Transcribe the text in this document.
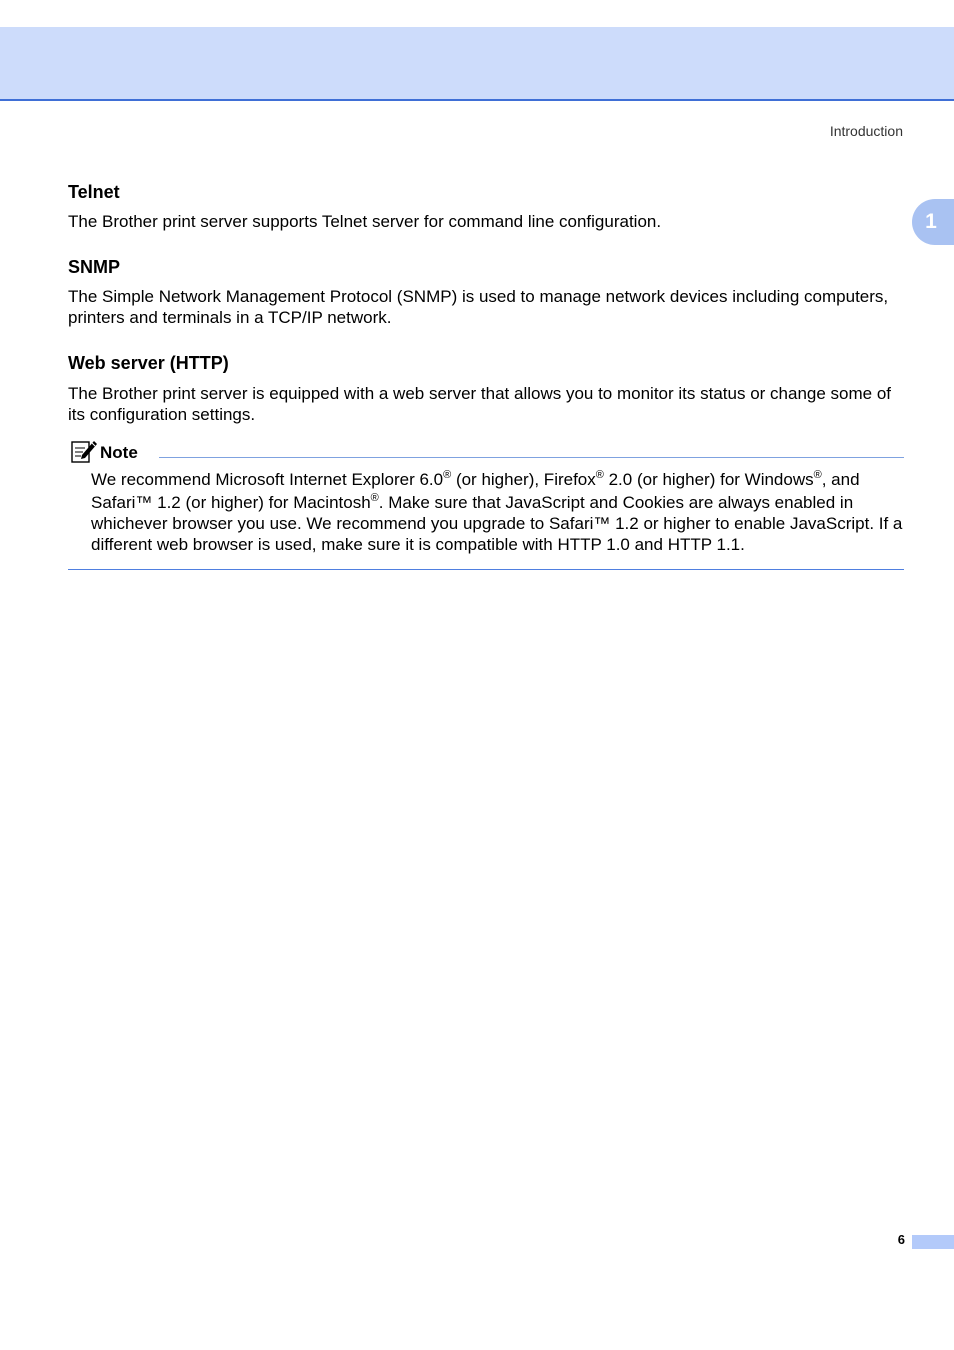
Introduction
1
Telnet

The Brother print server supports Telnet server for command line configuration.

SNMP

The Simple Network Management Protocol (SNMP) is used to manage network devices including computers, printers and terminals in a TCP/IP network.

Web server (HTTP)

The Brother print server is equipped with a web server that allows you to monitor its status or change some of its configuration settings.

Note

We recommend Microsoft Internet Explorer 6.0® (or higher), Firefox® 2.0 (or higher) for Windows®, and

Safari™ 1.2 (or higher) for Macintosh®. Make sure that JavaScript and Cookies are always enabled in

whichever browser you use. We recommend you upgrade to Safari™ 1.2 or higher to enable JavaScript. If a different web browser is used, make sure it is compatible with HTTP 1.0 and HTTP 1.1.

6
